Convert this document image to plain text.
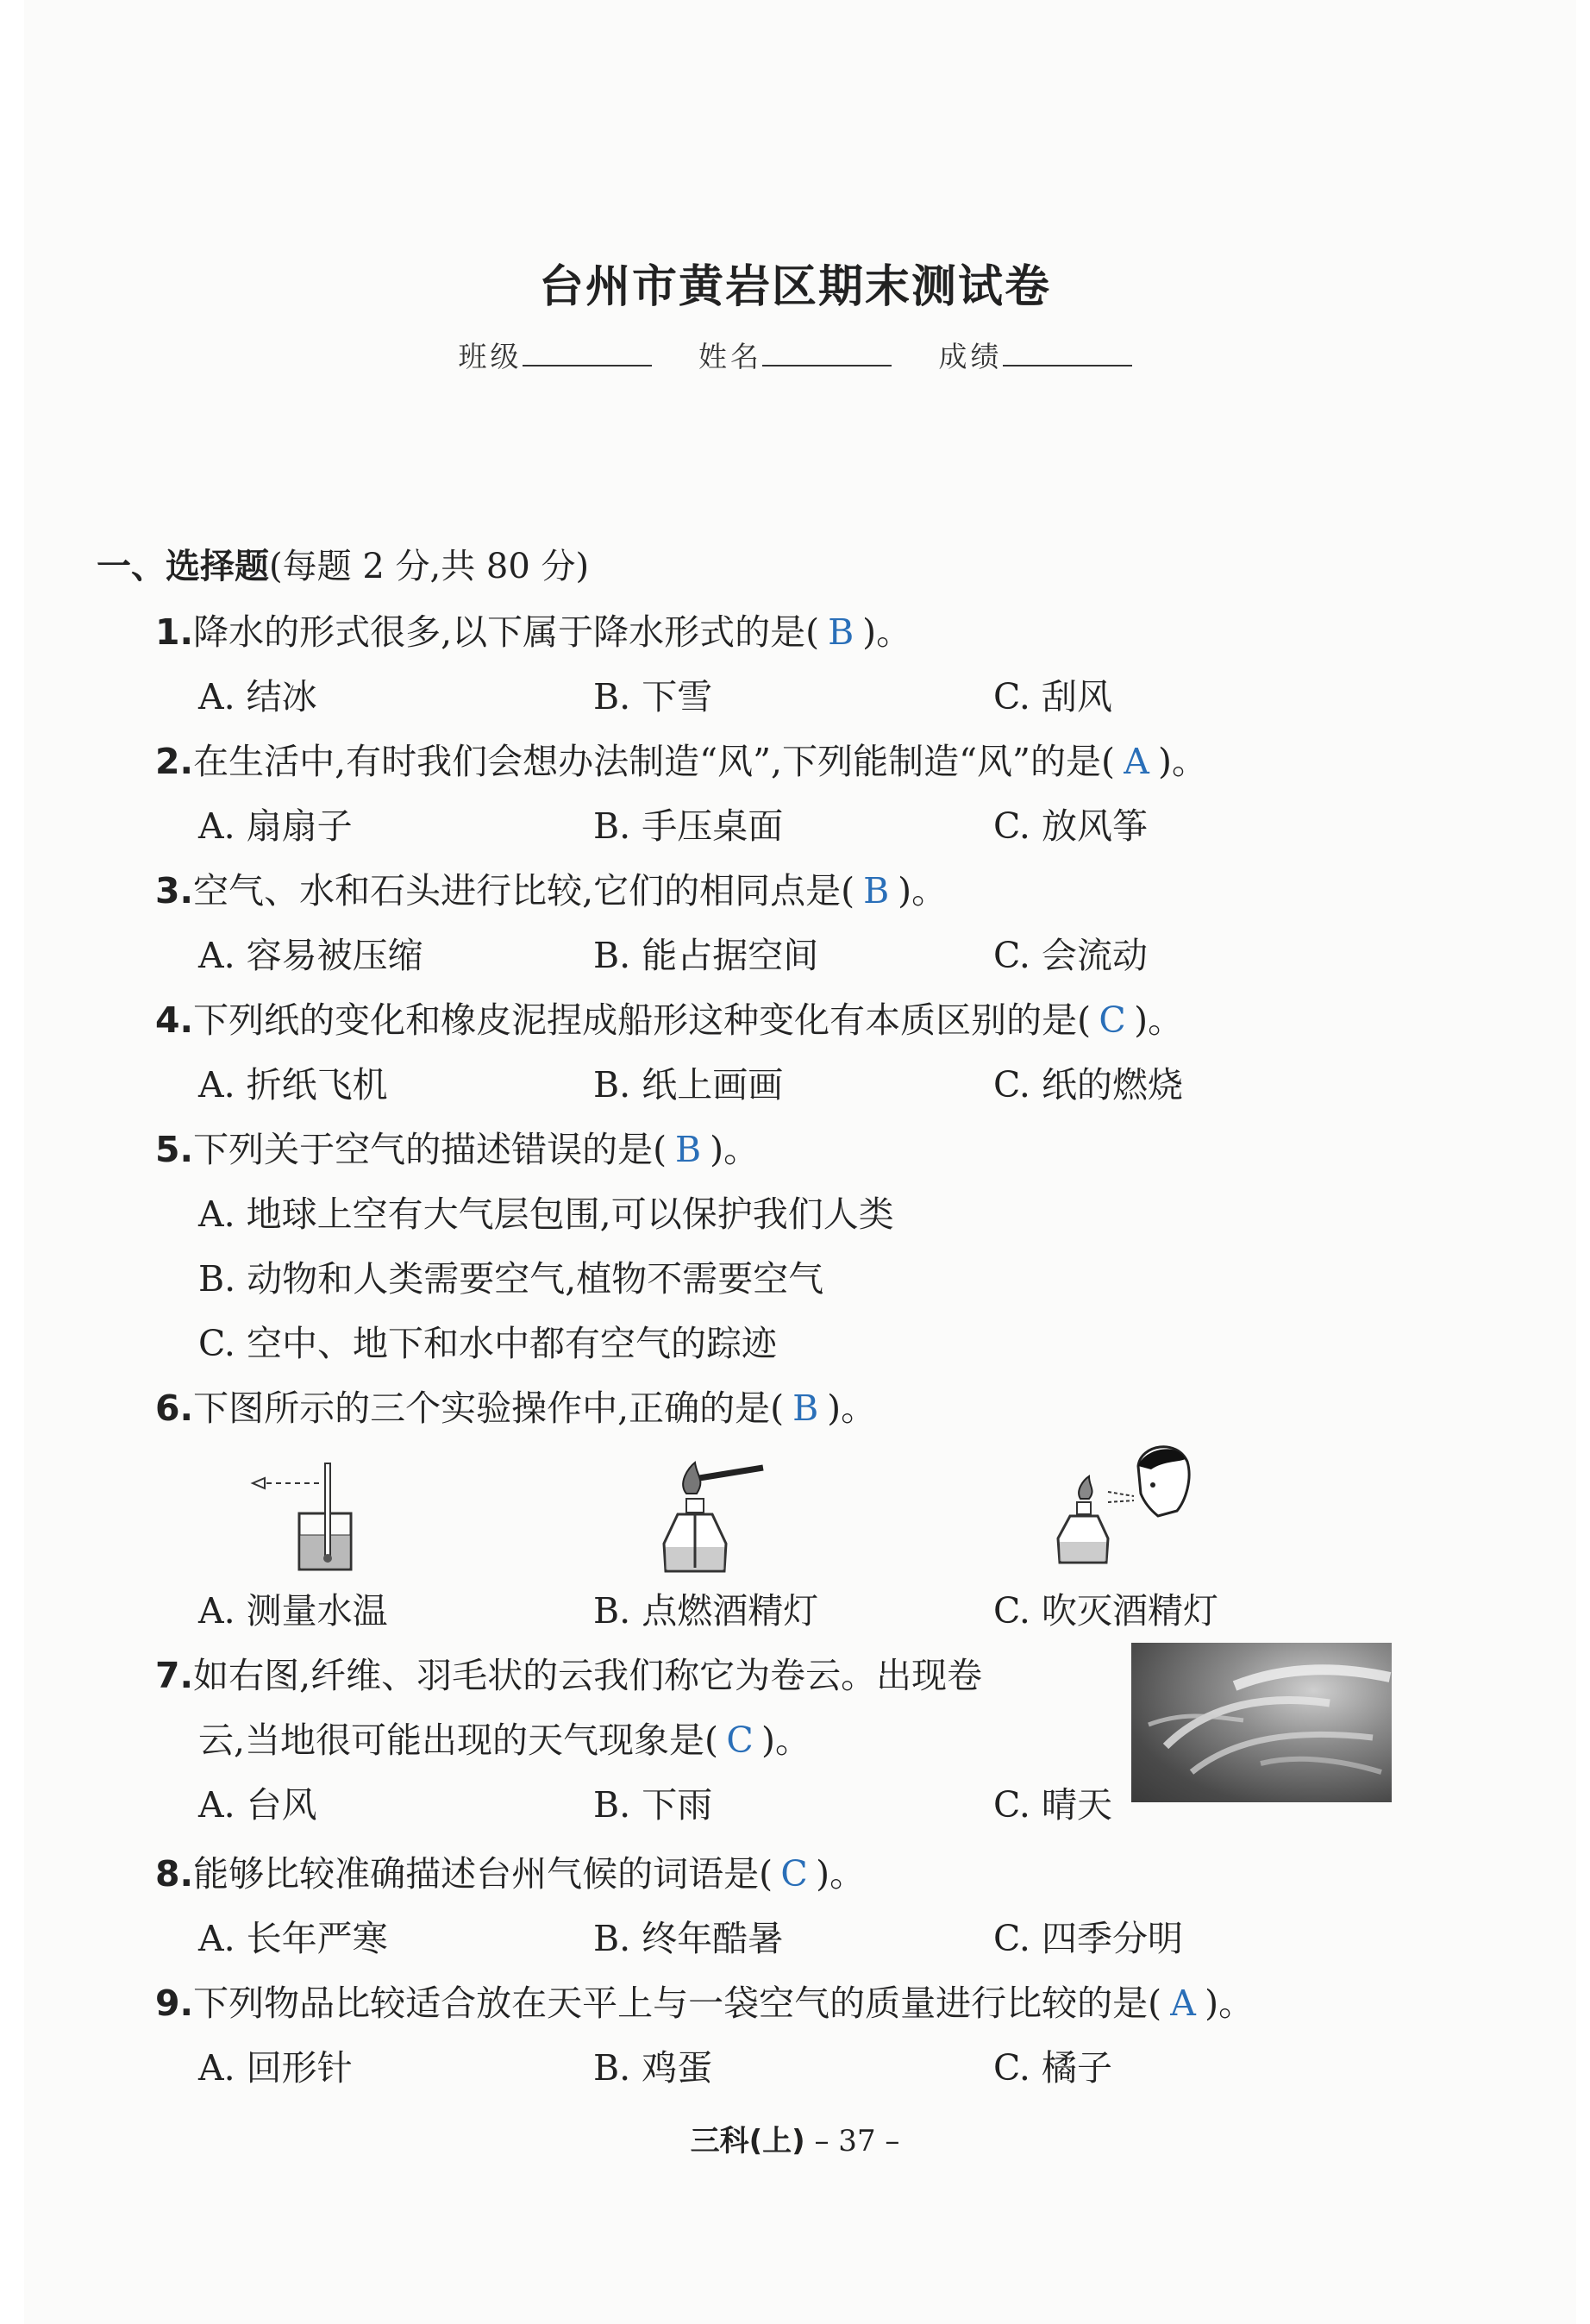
台州市黄岩区期末测试卷
班级	姓名	成绩
一、选择题(每题 2 分,共 80 分)
1.降水的形式很多,以下属于降水形式的是( B )。
A. 结冰	B. 下雪	C. 刮风
2.在生活中,有时我们会想办法制造“风”,下列能制造“风”的是( A )。
A. 扇扇子	B. 手压桌面	C. 放风筝
3.空气、水和石头进行比较,它们的相同点是( B )。
A. 容易被压缩	B. 能占据空间	C. 会流动
4.下列纸的变化和橡皮泥捏成船形这种变化有本质区别的是( C )。
A. 折纸飞机	B. 纸上画画	C. 纸的燃烧
5.下列关于空气的描述错误的是( B )。
A. 地球上空有大气层包围,可以保护我们人类
B. 动物和人类需要空气,植物不需要空气
C. 空中、地下和水中都有空气的踪迹
6.下图所示的三个实验操作中,正确的是( B )。
A. 测量水温	B. 点燃酒精灯	C. 吹灭酒精灯
7.如右图,纤维、羽毛状的云我们称它为卷云。出现卷
云,当地很可能出现的天气现象是( C )。
A. 台风	B. 下雨	C. 晴天
8.能够比较准确描述台州气候的词语是( C )。
A. 长年严寒	B. 终年酷暑	C. 四季分明
9.下列物品比较适合放在天平上与一袋空气的质量进行比较的是( A )。
A. 回形针	B. 鸡蛋	C. 橘子
三科(上) – 37 –
